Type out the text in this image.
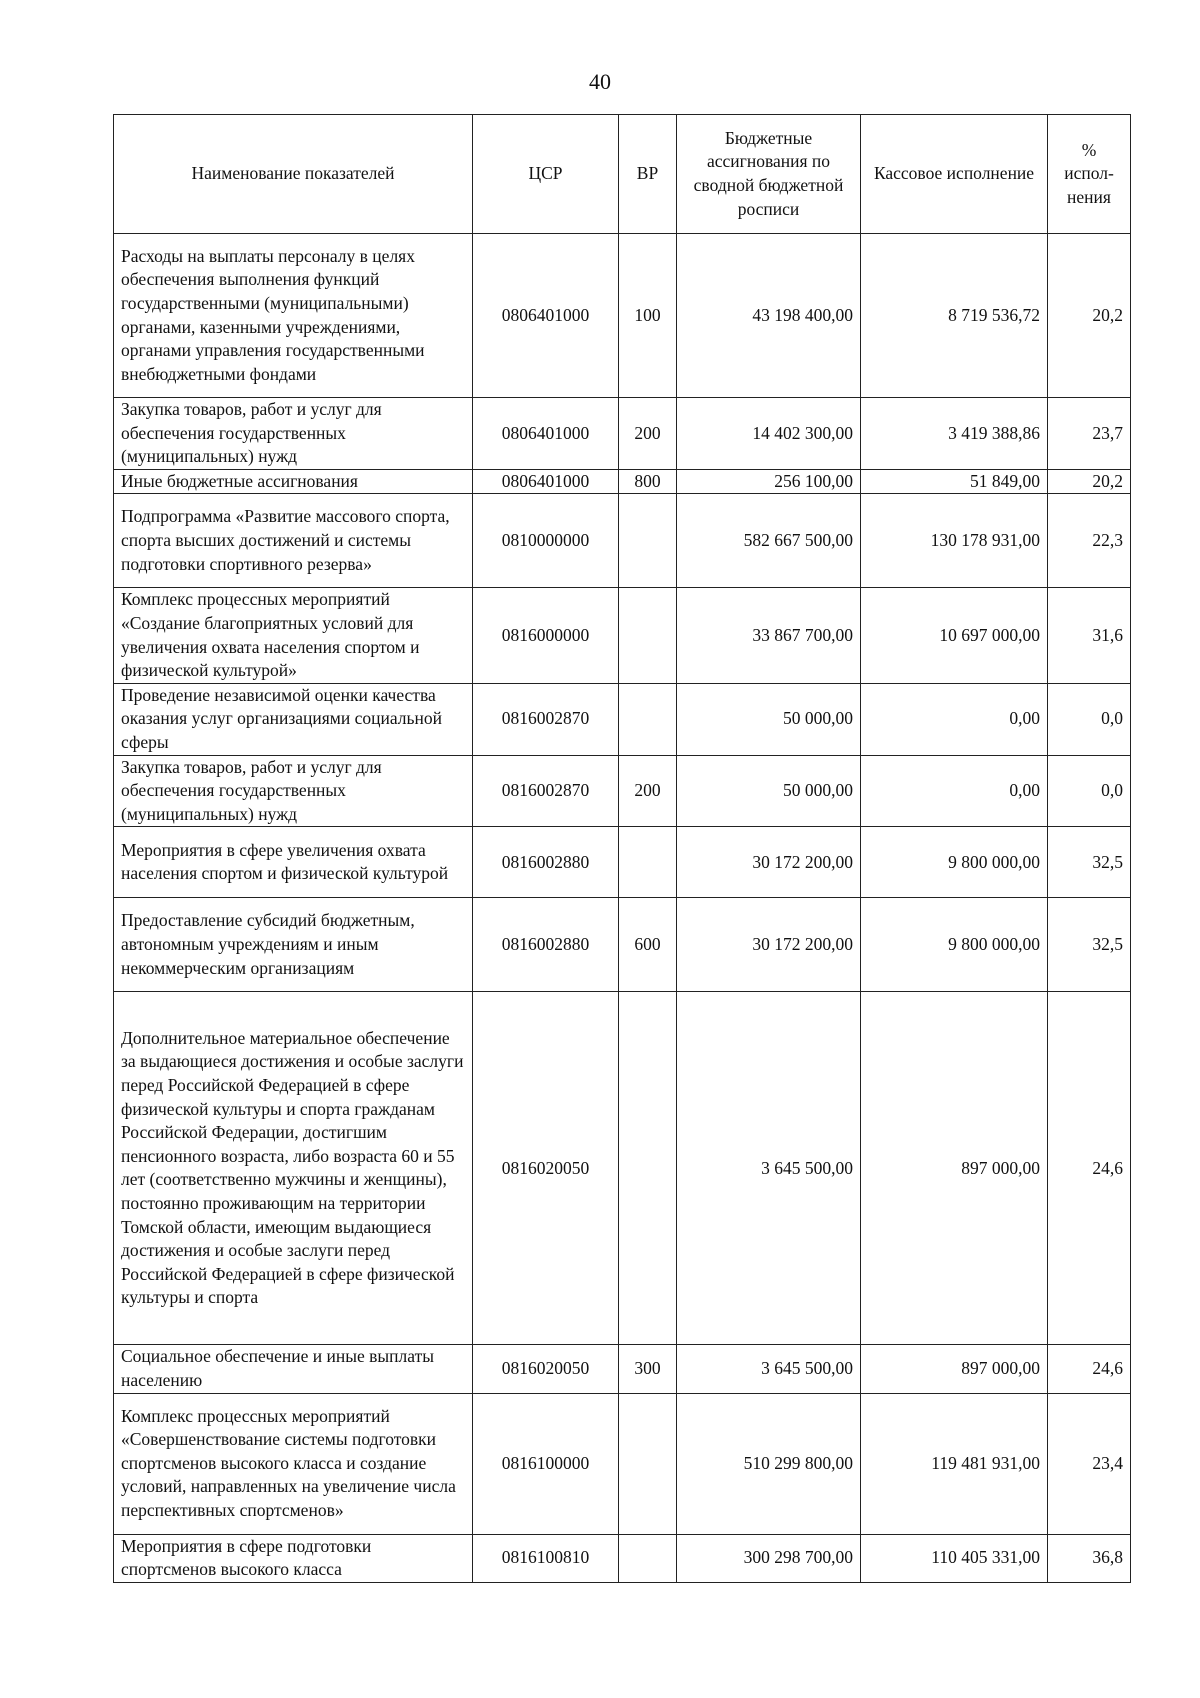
40
Наименование показателей	ЦСР	ВР	Бюджетные ассигнования по сводной бюджетной росписи	Кассовое исполнение	% испол-нения
Расходы на выплаты персоналу в целях обеспечения выполнения функций государственными (муниципальными) органами, казенными учреждениями, органами управления государственными внебюджетными фондами	0806401000	100	43 198 400,00	8 719 536,72	20,2
Закупка товаров, работ и услуг для обеспечения государственных (муниципальных) нужд	0806401000	200	14 402 300,00	3 419 388,86	23,7
Иные бюджетные ассигнования	0806401000	800	256 100,00	51 849,00	20,2
Подпрограмма «Развитие массового спорта, спорта высших достижений и системы подготовки спортивного резерва»	0810000000		582 667 500,00	130 178 931,00	22,3
Комплекс процессных мероприятий «Создание благоприятных условий для увеличения охвата населения спортом и физической культурой»	0816000000		33 867 700,00	10 697 000,00	31,6
Проведение независимой оценки качества оказания услуг организациями социальной сферы	0816002870		50 000,00	0,00	0,0
Закупка товаров, работ и услуг для обеспечения государственных (муниципальных) нужд	0816002870	200	50 000,00	0,00	0,0
Мероприятия в сфере увеличения охвата населения спортом и физической культурой	0816002880		30 172 200,00	9 800 000,00	32,5
Предоставление субсидий бюджетным, автономным учреждениям и иным некоммерческим организациям	0816002880	600	30 172 200,00	9 800 000,00	32,5
Дополнительное материальное обеспечение за выдающиеся достижения и особые заслуги перед Российской Федерацией в сфере физической культуры и спорта гражданам Российской Федерации, достигшим пенсионного возраста, либо возраста 60 и 55 лет (соответственно мужчины и женщины), постоянно проживающим на территории Томской области, имеющим выдающиеся достижения и особые заслуги перед Российской Федерацией в сфере физической культуры и спорта	0816020050		3 645 500,00	897 000,00	24,6
Социальное обеспечение и иные выплаты населению	0816020050	300	3 645 500,00	897 000,00	24,6
Комплекс процессных мероприятий «Совершенствование системы подготовки спортсменов высокого класса и создание условий, направленных на увеличение числа перспективных спортсменов»	0816100000		510 299 800,00	119 481 931,00	23,4
Мероприятия в сфере подготовки спортсменов высокого класса	0816100810		300 298 700,00	110 405 331,00	36,8
